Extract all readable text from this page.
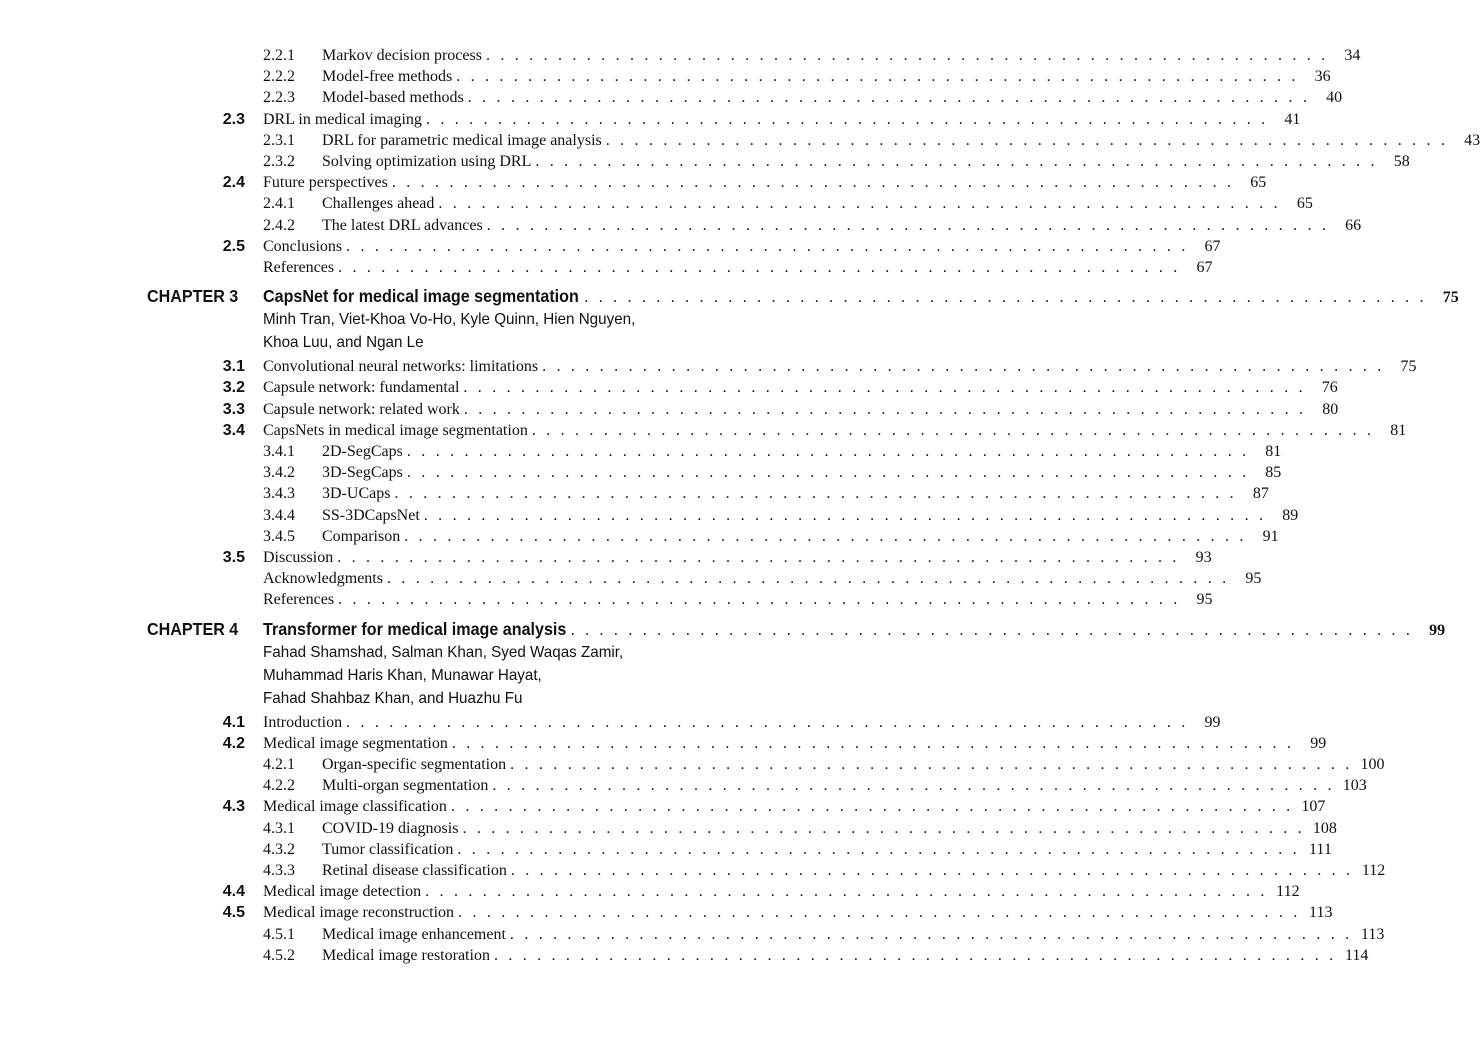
2.2.1 Markov decision process . . . . . . . . . . . . . . . . . . . . . . . . . . . . . . . . . . . . . . . . . . . . . . . . . . . . . . . . . . .	34
2.2.2 Model-free methods . . . . . . . . . . . . . . . . . . . . . . . . . . . . . . . . . . . . . . . . . . . . . . . . . . . . . . . . . . .	36
2.2.3 Model-based methods . . . . . . . . . . . . . . . . . . . . . . . . . . . . . . . . . . . . . . . . . . . . . . . . . . . . . . . . . . .	40
2.3 DRL in medical imaging . . . . . . . . . . . . . . . . . . . . . . . . . . . . . . . . . . . . . . . . . . . . . . . . . . . . . . . . . . .	41
2.3.1 DRL for parametric medical image analysis . . . . . . . . . . . . . . . . . . . . . . . . . . . . . . . . . . . . . . . . . . . . . . . . . . . . . . . . . . .	43
2.3.2 Solving optimization using DRL . . . . . . . . . . . . . . . . . . . . . . . . . . . . . . . . . . . . . . . . . . . . . . . . . . . . . . . . . . .	58
2.4 Future perspectives . . . . . . . . . . . . . . . . . . . . . . . . . . . . . . . . . . . . . . . . . . . . . . . . . . . . . . . . . . .	65
2.4.1 Challenges ahead . . . . . . . . . . . . . . . . . . . . . . . . . . . . . . . . . . . . . . . . . . . . . . . . . . . . . . . . . . .	65
2.4.2 The latest DRL advances . . . . . . . . . . . . . . . . . . . . . . . . . . . . . . . . . . . . . . . . . . . . . . . . . . . . . . . . . . .	66
2.5 Conclusions . . . . . . . . . . . . . . . . . . . . . . . . . . . . . . . . . . . . . . . . . . . . . . . . . . . . . . . . . . .	67
References . . . . . . . . . . . . . . . . . . . . . . . . . . . . . . . . . . . . . . . . . . . . . . . . . . . . . . . . . . .	67
CHAPTER 3 CapsNet for medical image segmentation . . . . . . . . . . . . . . . . . . . . . . . . . . . . . . . . . . . . . . . . . . . . . . . . . . . . . . . . . . .	75
Minh Tran, Viet-Khoa Vo-Ho, Kyle Quinn, Hien Nguyen,
Khoa Luu, and Ngan Le
3.1 Convolutional neural networks: limitations . . . . . . . . . . . . . . . . . . . . . . . . . . . . . . . . . . . . . . . . . . . . . . . . . . . . . . . . . . .	75
3.2 Capsule network: fundamental . . . . . . . . . . . . . . . . . . . . . . . . . . . . . . . . . . . . . . . . . . . . . . . . . . . . . . . . . . .	76
3.3 Capsule network: related work . . . . . . . . . . . . . . . . . . . . . . . . . . . . . . . . . . . . . . . . . . . . . . . . . . . . . . . . . . .	80
3.4 CapsNets in medical image segmentation . . . . . . . . . . . . . . . . . . . . . . . . . . . . . . . . . . . . . . . . . . . . . . . . . . . . . . . . . . .	81
3.4.1 2D-SegCaps . . . . . . . . . . . . . . . . . . . . . . . . . . . . . . . . . . . . . . . . . . . . . . . . . . . . . . . . . . .	81
3.4.2 3D-SegCaps . . . . . . . . . . . . . . . . . . . . . . . . . . . . . . . . . . . . . . . . . . . . . . . . . . . . . . . . . . .	85
3.4.3 3D-UCaps . . . . . . . . . . . . . . . . . . . . . . . . . . . . . . . . . . . . . . . . . . . . . . . . . . . . . . . . . . .	87
3.4.4 SS-3DCapsNet . . . . . . . . . . . . . . . . . . . . . . . . . . . . . . . . . . . . . . . . . . . . . . . . . . . . . . . . . . .	89
3.4.5 Comparison . . . . . . . . . . . . . . . . . . . . . . . . . . . . . . . . . . . . . . . . . . . . . . . . . . . . . . . . . . .	91
3.5 Discussion . . . . . . . . . . . . . . . . . . . . . . . . . . . . . . . . . . . . . . . . . . . . . . . . . . . . . . . . . . .	93
Acknowledgments . . . . . . . . . . . . . . . . . . . . . . . . . . . . . . . . . . . . . . . . . . . . . . . . . . . . . . . . . . .	95
References . . . . . . . . . . . . . . . . . . . . . . . . . . . . . . . . . . . . . . . . . . . . . . . . . . . . . . . . . . .	95
CHAPTER 4 Transformer for medical image analysis . . . . . . . . . . . . . . . . . . . . . . . . . . . . . . . . . . . . . . . . . . . . . . . . . . . . . . . . . . .	99
Fahad Shamshad, Salman Khan, Syed Waqas Zamir,
Muhammad Haris Khan, Munawar Hayat,
Fahad Shahbaz Khan, and Huazhu Fu
4.1 Introduction . . . . . . . . . . . . . . . . . . . . . . . . . . . . . . . . . . . . . . . . . . . . . . . . . . . . . . . . . . .	99
4.2 Medical image segmentation . . . . . . . . . . . . . . . . . . . . . . . . . . . . . . . . . . . . . . . . . . . . . . . . . . . . . . . . . . .	99
4.2.1 Organ-specific segmentation . . . . . . . . . . . . . . . . . . . . . . . . . . . . . . . . . . . . . . . . . . . . . . . . . . . . . . . . . . . 100
4.2.2 Multi-organ segmentation . . . . . . . . . . . . . . . . . . . . . . . . . . . . . . . . . . . . . . . . . . . . . . . . . . . . . . . . . . . 103
4.3 Medical image classification . . . . . . . . . . . . . . . . . . . . . . . . . . . . . . . . . . . . . . . . . . . . . . . . . . . . . . . . . . . 107
4.3.1 COVID-19 diagnosis . . . . . . . . . . . . . . . . . . . . . . . . . . . . . . . . . . . . . . . . . . . . . . . . . . . . . . . . . . . 108
4.3.2 Tumor classification . . . . . . . . . . . . . . . . . . . . . . . . . . . . . . . . . . . . . . . . . . . . . . . . . . . . . . . . . . . 111
4.3.3 Retinal disease classification . . . . . . . . . . . . . . . . . . . . . . . . . . . . . . . . . . . . . . . . . . . . . . . . . . . . . . . . . . . 112
4.4 Medical image detection . . . . . . . . . . . . . . . . . . . . . . . . . . . . . . . . . . . . . . . . . . . . . . . . . . . . . . . . . . . 112
4.5 Medical image reconstruction . . . . . . . . . . . . . . . . . . . . . . . . . . . . . . . . . . . . . . . . . . . . . . . . . . . . . . . . . . . 113
4.5.1 Medical image enhancement . . . . . . . . . . . . . . . . . . . . . . . . . . . . . . . . . . . . . . . . . . . . . . . . . . . . . . . . . . . 113
4.5.2 Medical image restoration . . . . . . . . . . . . . . . . . . . . . . . . . . . . . . . . . . . . . . . . . . . . . . . . . . . . . . . . . . . 114
